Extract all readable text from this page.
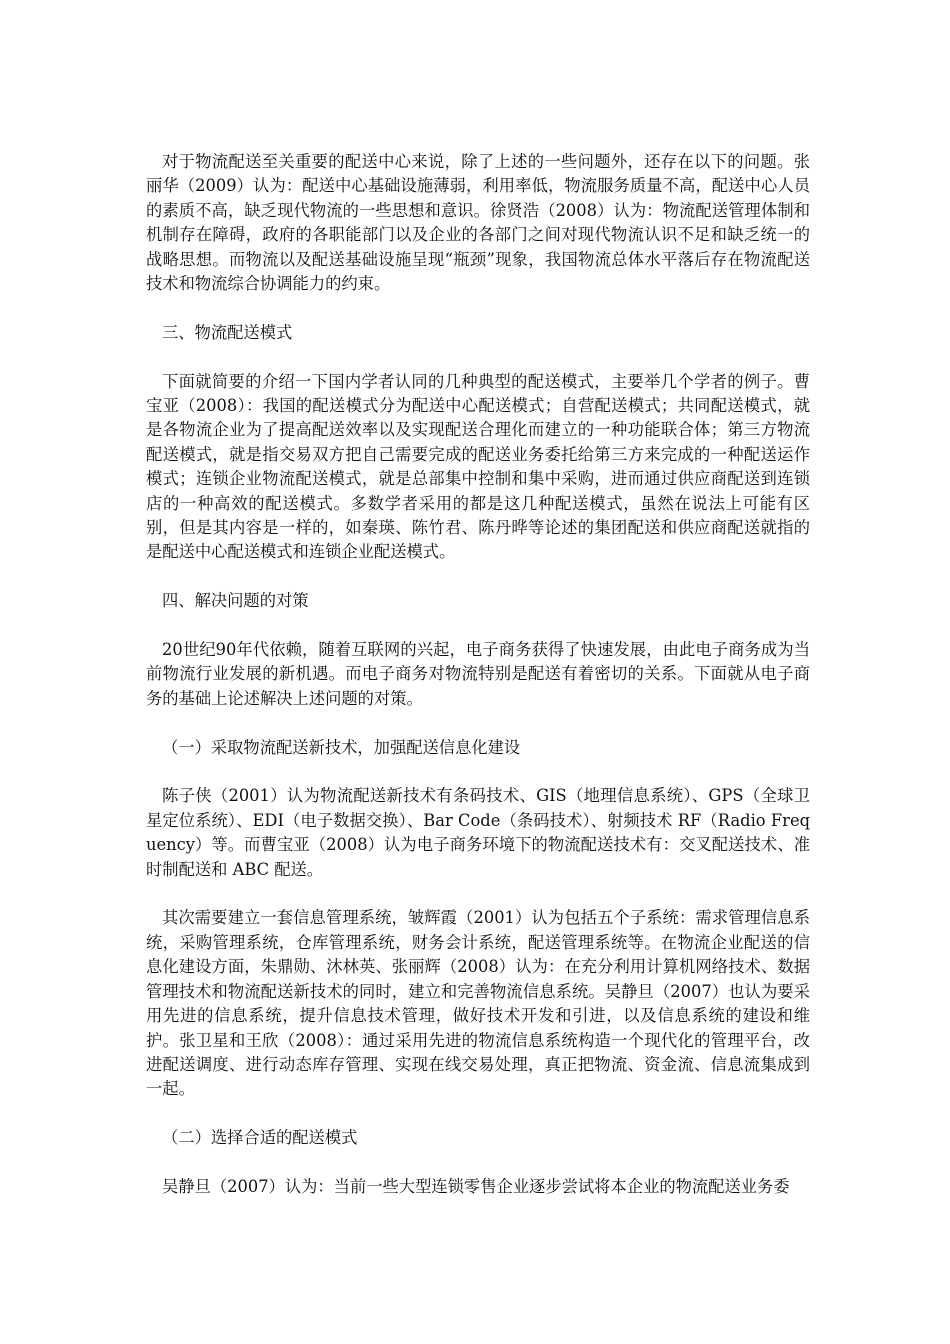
对于物流配送至关重要的配送中心来说，除了上述的一些问题外，还存在以下的问题。张丽华（2009）认为：配送中心基础设施薄弱，利用率低，物流服务质量不高，配送中心人员的素质不高，缺乏现代物流的一些思想和意识。徐贤浩（2008）认为：物流配送管理体制和机制存在障碍，政府的各职能部门以及企业的各部门之间对现代物流认识不足和缺乏统一的战略思想。而物流以及配送基础设施呈现“瓶颈”现象，我国物流总体水平落后存在物流配送技术和物流综合协调能力的约束。

三、物流配送模式

下面就简要的介绍一下国内学者认同的几种典型的配送模式，主要举几个学者的例子。曹宝亚（2008）：我国的配送模式分为配送中心配送模式；自营配送模式；共同配送模式，就是各物流企业为了提高配送效率以及实现配送合理化而建立的一种功能联合体；第三方物流配送模式，就是指交易双方把自己需要完成的配送业务委托给第三方来完成的一种配送运作模式；连锁企业物流配送模式，就是总部集中控制和集中采购，进而通过供应商配送到连锁店的一种高效的配送模式。多数学者采用的都是这几种配送模式，虽然在说法上可能有区别，但是其内容是一样的，如秦瑛、陈竹君、陈丹晔等论述的集团配送和供应商配送就指的是配送中心配送模式和连锁企业配送模式。

四、解决问题的对策

20世纪90年代依赖，随着互联网的兴起，电子商务获得了快速发展，由此电子商务成为当前物流行业发展的新机遇。而电子商务对物流特别是配送有着密切的关系。下面就从电子商务的基础上论述解决上述问题的对策。

（一）采取物流配送新技术，加强配送信息化建设

陈子侠（2001）认为物流配送新技术有条码技术、GIS（地理信息系统）、GPS（全球卫星定位系统）、EDI（电子数据交换）、Bar Code（条码技术）、射频技术 RF（Radio Frequency）等。而曹宝亚（2008）认为电子商务环境下的物流配送技术有：交叉配送技术、准时制配送和 ABC 配送。

其次需要建立一套信息管理系统，皱辉霞（2001）认为包括五个子系统：需求管理信息系统，采购管理系统，仓库管理系统，财务会计系统，配送管理系统等。在物流企业配送的信息化建设方面，朱鼎勋、沐林英、张丽辉（2008）认为：在充分利用计算机网络技术、数据管理技术和物流配送新技术的同时，建立和完善物流信息系统。吴静旦（2007）也认为要采用先进的信息系统，提升信息技术管理，做好技术开发和引进，以及信息系统的建设和维护。张卫星和王欣（2008）：通过采用先进的物流信息系统构造一个现代化的管理平台，改进配送调度、进行动态库存管理、实现在线交易处理，真正把物流、资金流、信息流集成到一起。

（二）选择合适的配送模式

吴静旦（2007）认为：当前一些大型连锁零售企业逐步尝试将本企业的物流配送业务委
